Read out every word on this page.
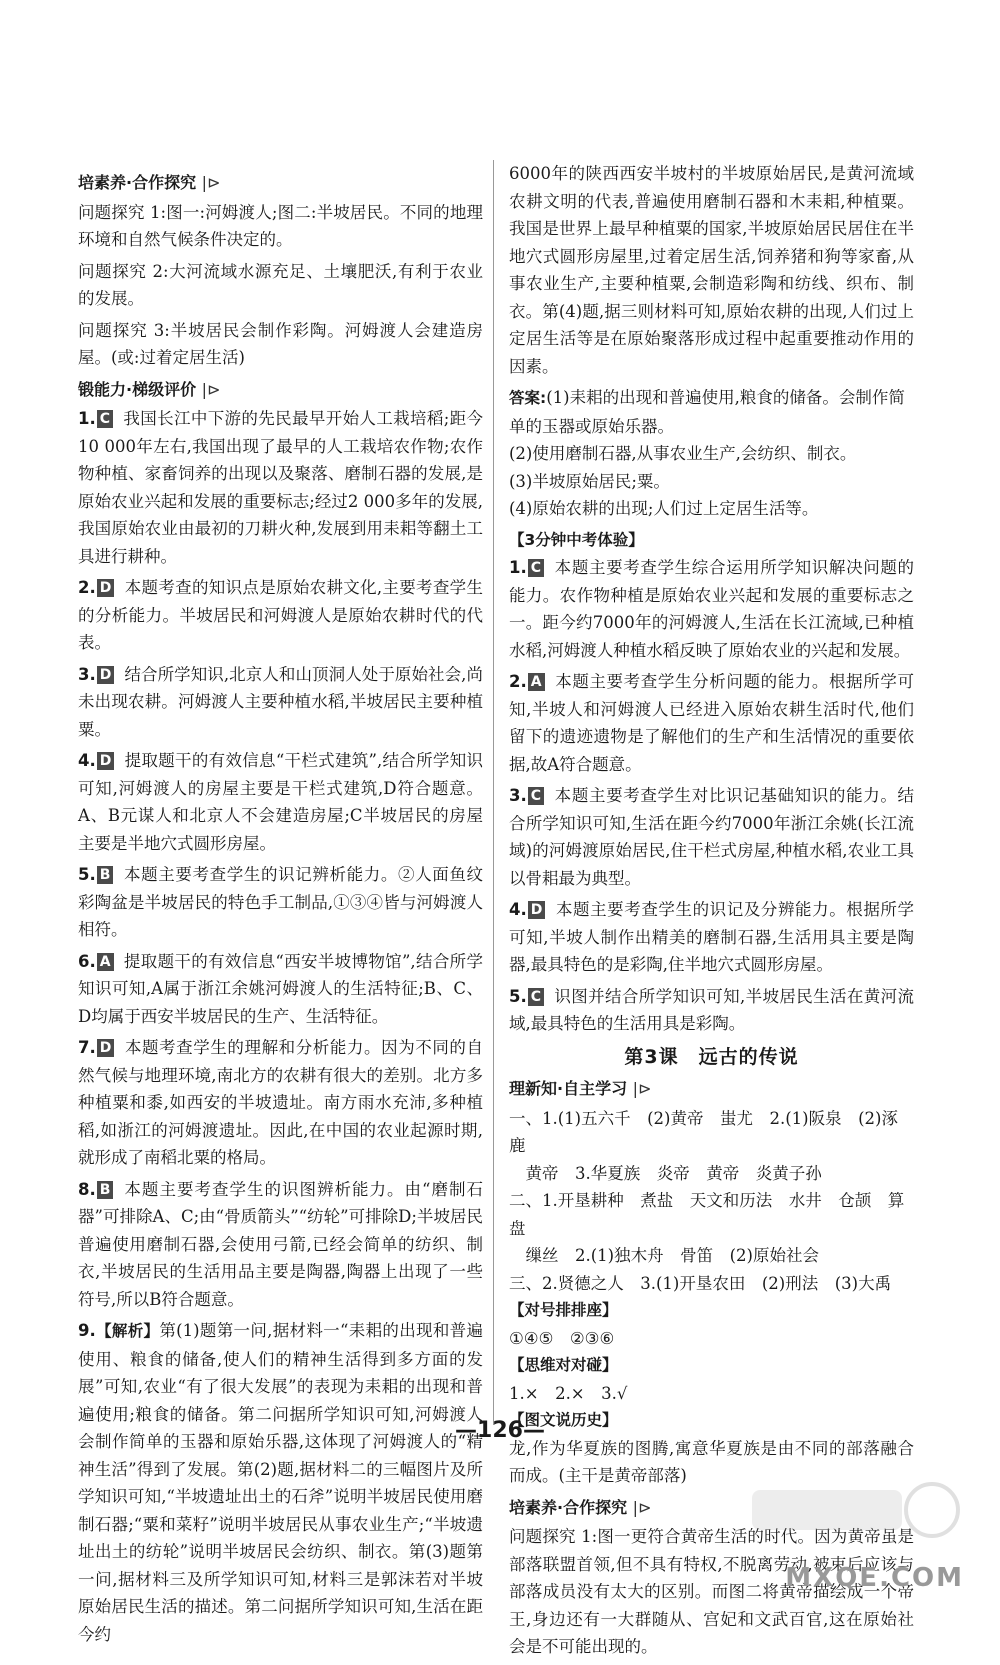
培素养·合作探究 |⊳

问题探究 1:图一:河姆渡人;图二:半坡居民。不同的地理环境和自然气候条件决定的。

问题探究 2:大河流域水源充足、土壤肥沃,有利于农业的发展。

问题探究 3:半坡居民会制作彩陶。河姆渡人会建造房屋。(或:过着定居生活)

锻能力·梯级评价 |⊳

1. C 我国长江中下游的先民最早开始人工栽培稻;距今10 000年左右,我国出现了最早的人工栽培农作物;农作物种植、家畜饲养的出现以及聚落、磨制石器的发展,是原始农业兴起和发展的重要标志;经过2 000多年的发展,我国原始农业由最初的刀耕火种,发展到用耒耜等翻土工具进行耕种。

2. D 本题考查的知识点是原始农耕文化,主要考查学生的分析能力。半坡居民和河姆渡人是原始农耕时代的代表。

3. D 结合所学知识,北京人和山顶洞人处于原始社会,尚未出现农耕。河姆渡人主要种植水稻,半坡居民主要种植粟。

4. D 提取题干的有效信息“干栏式建筑”,结合所学知识可知,河姆渡人的房屋主要是干栏式建筑,D符合题意。A、B元谋人和北京人不会建造房屋;C半坡居民的房屋主要是半地穴式圆形房屋。

5. B 本题主要考查学生的识记辨析能力。②人面鱼纹彩陶盆是半坡居民的特色手工制品,①③④皆与河姆渡人相符。

6. A 提取题干的有效信息“西安半坡博物馆”,结合所学知识可知,A属于浙江余姚河姆渡人的生活特征;B、C、D均属于西安半坡居民的生产、生活特征。

7. D 本题考查学生的理解和分析能力。因为不同的自然气候与地理环境,南北方的农耕有很大的差别。北方多种植粟和黍,如西安的半坡遗址。南方雨水充沛,多种植稻,如浙江的河姆渡遗址。因此,在中国的农业起源时期,就形成了南稻北粟的格局。

8. B 本题主要考查学生的识图辨析能力。由“磨制石器”可排除A、C;由“骨质箭头”“纺轮”可排除D;半坡居民普遍使用磨制石器,会使用弓箭,已经会简单的纺织、制衣,半坡居民的生活用品主要是陶器,陶器上出现了一些符号,所以B符合题意。

9.【解析】第(1)题第一问,据材料一“耒耜的出现和普遍使用、粮食的储备,使人们的精神生活得到多方面的发展”可知,农业“有了很大发展”的表现为耒耜的出现和普遍使用;粮食的储备。第二问据所学知识可知,河姆渡人会制作简单的玉器和原始乐器,这体现了河姆渡人的“精神生活”得到了发展。第(2)题,据材料二的三幅图片及所学知识可知,“半坡遗址出土的石斧”说明半坡居民使用磨制石器;“粟和菜籽”说明半坡居民从事农业生产;“半坡遗址出土的纺轮”说明半坡居民会纺织、制衣。第(3)题第一问,据材料三及所学知识可知,材料三是郭沫若对半坡原始居民生活的描述。第二问据所学知识可知,生活在距今约

6000年的陕西西安半坡村的半坡原始居民,是黄河流域农耕文明的代表,普遍使用磨制石器和木耒耜,种植粟。我国是世界上最早种植粟的国家,半坡原始居民居住在半地穴式圆形房屋里,过着定居生活,饲养猪和狗等家畜,从事农业生产,主要种植粟,会制造彩陶和纺线、织布、制衣。第(4)题,据三则材料可知,原始农耕的出现,人们过上定居生活等是在原始聚落形成过程中起重要推动作用的因素。

答案:(1)耒耜的出现和普遍使用,粮食的储备。会制作简单的玉器或原始乐器。

(2)使用磨制石器,从事农业生产,会纺织、制衣。

(3)半坡原始居民;粟。

(4)原始农耕的出现;人们过上定居生活等。

【3分钟中考体验】

1. C 本题主要考查学生综合运用所学知识解决问题的能力。农作物种植是原始农业兴起和发展的重要标志之一。距今约7000年的河姆渡人,生活在长江流域,已种植水稻,河姆渡人种植水稻反映了原始农业的兴起和发展。

2. A 本题主要考查学生分析问题的能力。根据所学可知,半坡人和河姆渡人已经进入原始农耕生活时代,他们留下的遗迹遗物是了解他们的生产和生活情况的重要依据,故A符合题意。

3. C 本题主要考查学生对比识记基础知识的能力。结合所学知识可知,生活在距今约7000年浙江余姚(长江流域)的河姆渡原始居民,住干栏式房屋,种植水稻,农业工具以骨耜最为典型。

4. D 本题主要考查学生的识记及分辨能力。根据所学可知,半坡人制作出精美的磨制石器,生活用具主要是陶器,最具特色的是彩陶,住半地穴式圆形房屋。

5. C 识图并结合所学知识可知,半坡居民生活在黄河流域,最具特色的生活用具是彩陶。

第3课　远古的传说
理新知·自主学习 |⊳

一、1.(1)五六千　(2)黄帝　蚩尤　2.(1)阪泉　(2)涿鹿

　黄帝　3.华夏族　炎帝　黄帝　炎黄子孙

二、1.开垦耕种　煮盐　天文和历法　水井　仓颉　算盘

　缫丝　2.(1)独木舟　骨笛　(2)原始社会

三、2.贤德之人　3.(1)开垦农田　(2)刑法　(3)大禹

【对号排排座】

①④⑤　②③⑥

【思维对对碰】

1.×　2.×　3.√

【图文说历史】

龙,作为华夏族的图腾,寓意华夏族是由不同的部落融合而成。(主干是黄帝部落)

培素养·合作探究 |⊳

问题探究 1:图一更符合黄帝生活的时代。因为黄帝虽是部落联盟首领,但不具有特权,不脱离劳动,被束后应该与部落成员没有太大的区别。而图二将黄帝描绘成一个帝王,身边还有一大群随从、宫妃和文武百官,这在原始社会是不可能出现的。

—126—
MXQE.COM
